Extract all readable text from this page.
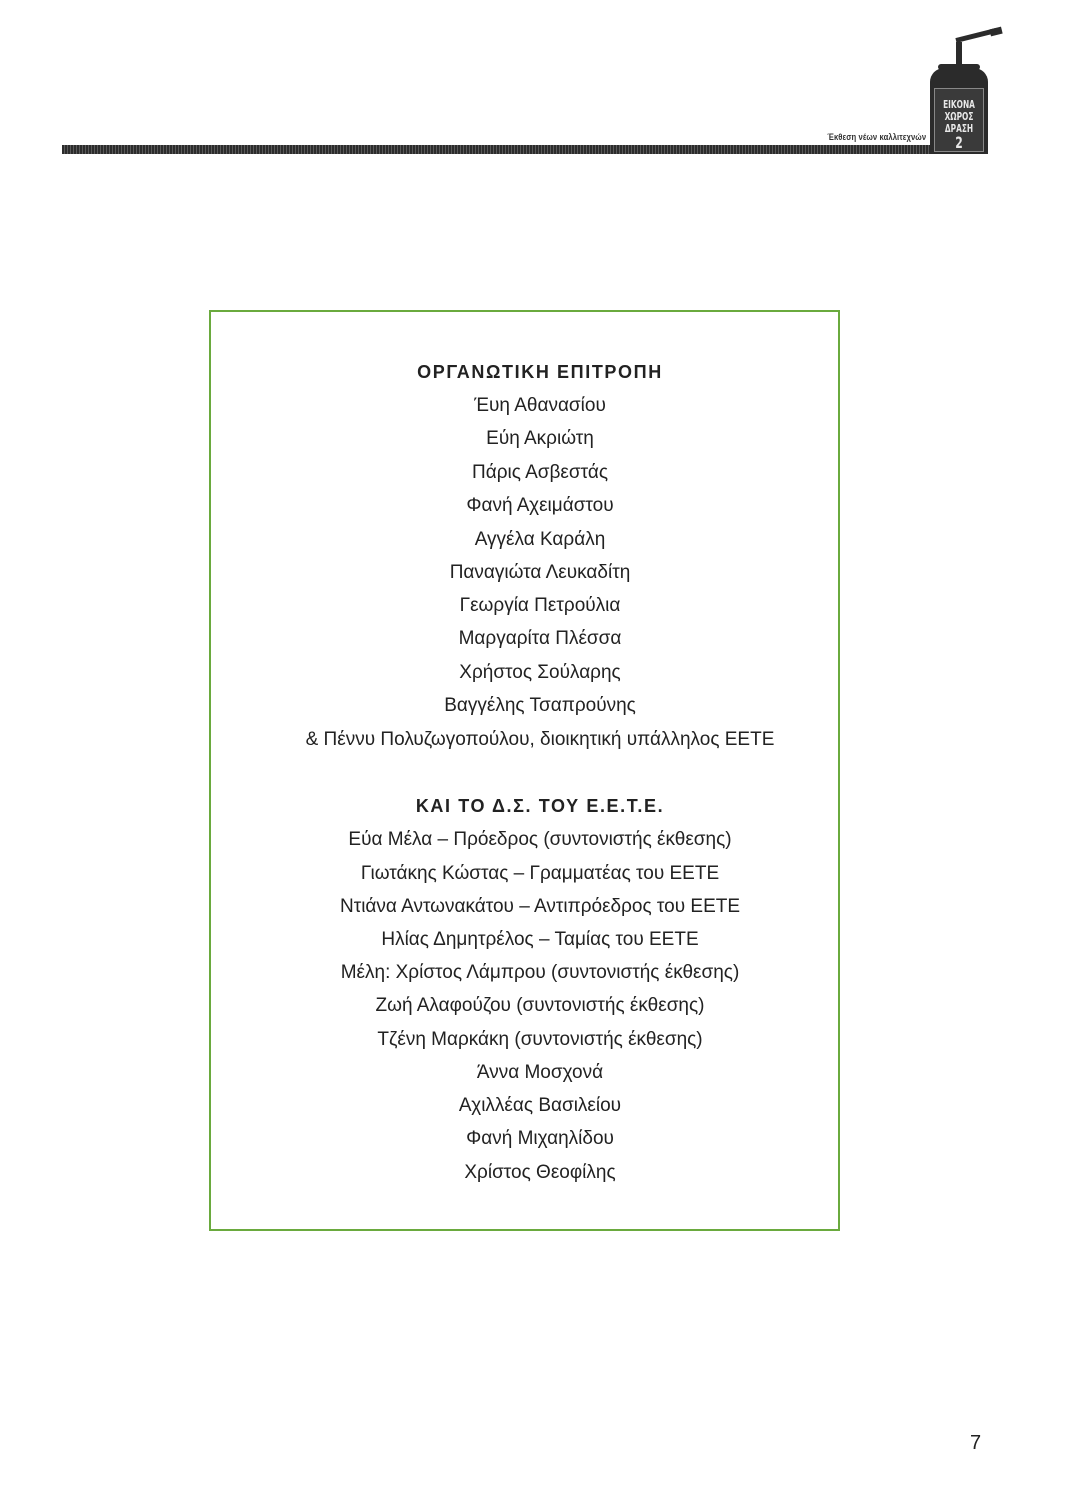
Έκθεση νέων καλλιτεχνών
ΕΙΚΟΝΑ
ΧΩΡΟΣ
ΔΡΑΣΗ
2
ΟΡΓΑΝΩΤΙΚΗ ΕΠΙΤΡΟΠΗ
Έυη Αθανασίου
Εύη Ακριώτη
Πάρις Ασβεστάς
Φανή Αχειμάστου
Αγγέλα Καράλη
Παναγιώτα Λευκαδίτη
Γεωργία Πετρούλια
Μαργαρίτα Πλέσσα
Χρήστος Σούλαρης
Βαγγέλης Τσαπρούνης
& Πέννυ Πολυζωγοπούλου, διοικητική υπάλληλος ΕΕΤΕ
ΚΑΙ ΤΟ Δ.Σ. ΤΟΥ Ε.Ε.Τ.Ε.
Εύα Μέλα – Πρόεδρος (συντονιστής έκθεσης)
Γιωτάκης Κώστας – Γραμματέας του ΕΕΤΕ
Ντιάνα Αντωνακάτου – Αντιπρόεδρος του ΕΕΤΕ
Ηλίας Δημητρέλος – Ταμίας του ΕΕΤΕ
Μέλη: Χρίστος Λάμπρου (συντονιστής έκθεσης)
Ζωή Αλαφούζου (συντονιστής έκθεσης)
Τζένη Μαρκάκη (συντονιστής έκθεσης)
Άννα Μοσχονά
Αχιλλέας Βασιλείου
Φανή Μιχαηλίδου
Χρίστος Θεοφίλης
7
